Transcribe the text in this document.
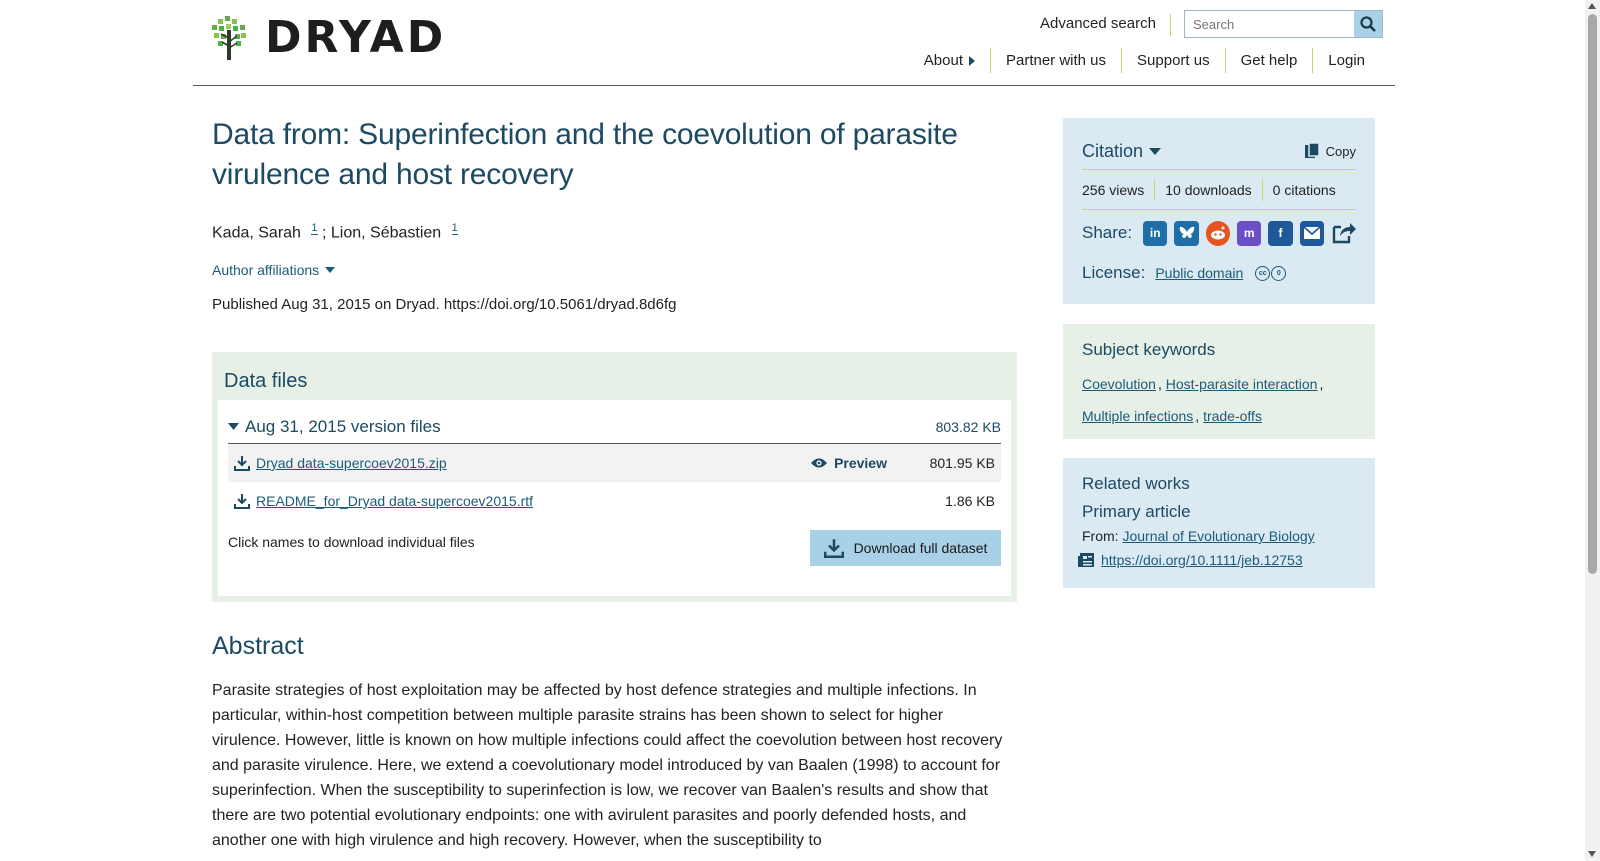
DRYAD	Advanced search
Search
About	Partner with us	Support us	Get help	Login
Data from: Superinfection and the coevolution of parasite virulence and host recovery
Kada, Sarah $^1$ ; Lion, Sébastien $^1$
Author affiliations
Published Aug 31, 2015 on Dryad. https://doi.org/10.5061/dryad.8d6fg
Data files
Aug 31, 2015 version files	803.82 KB
Dryad data-supercoev2015.zip	Preview	801.95 KB
README_for_Dryad data-supercoev2015.rtf	1.86 KB
Click names to download individual files	Download full dataset
Abstract

Parasite strategies of host exploitation may be affected by host defence strategies and multiple infections. In particular, within-host competition between multiple parasite strains has been shown to select for higher virulence. However, little is known on how multiple infections could affect the coevolution between host recovery and parasite virulence. Here, we extend a coevolutionary model introduced by van Baalen (1998) to account for superinfection. When the susceptibility to superinfection is low, we recover van Baalen's results and show that there are two potential evolutionary endpoints: one with avirulent parasites and poorly defended hosts, and another one with high virulence and high recovery. However, when the susceptibility to

Citation	Copy
256 views	10 downloads	0 citations
Share:	in	m	f
License: Public domain	cc	0
Subject keywords
Coevolution , Host-parasite interaction ,
Multiple infections , trade-offs
Related works
Primary article
From: Journal of Evolutionary Biology
https://doi.org/10.1111/jeb.12753
